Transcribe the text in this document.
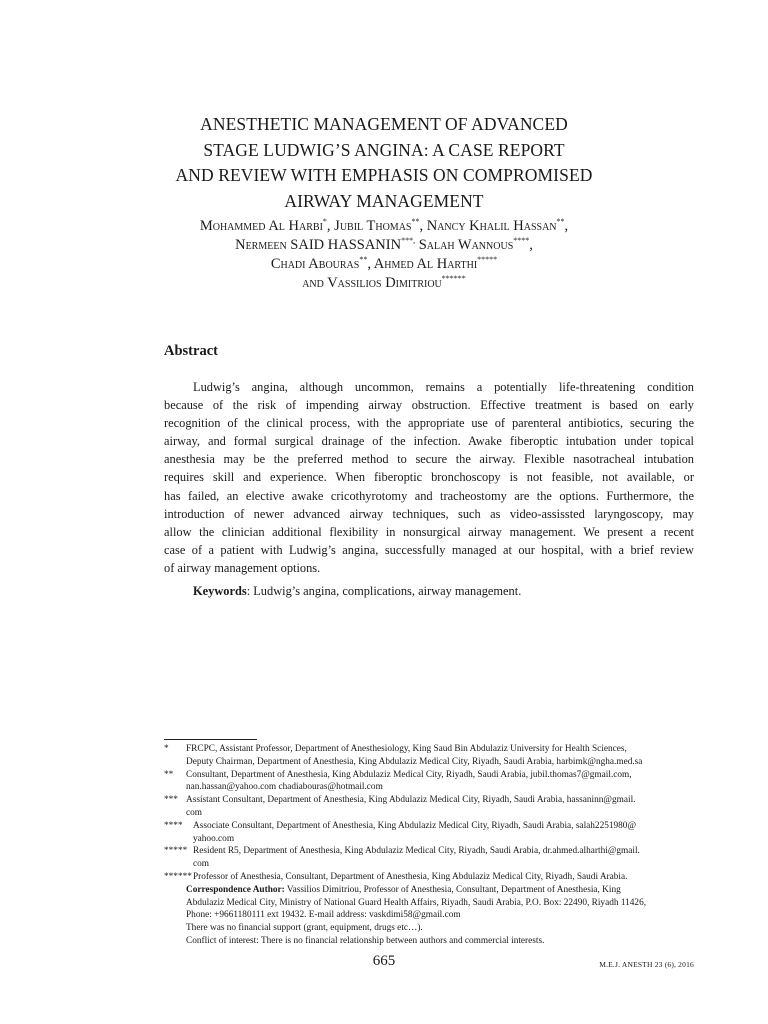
ANESTHETIC MANAGEMENT OF ADVANCED
STAGE LUDWIG’S ANGINA: A CASE REPORT
AND REVIEW WITH EMPHASIS ON COMPROMISED
AIRWAY MANAGEMENT
Mohammed Al Harbi*, Jubil Thomas**, Nancy Khalil Hassan**,
Nermeen SAID HASSANIN***, Salah Wannous****,
Chadi Abouras**, Ahmed Al Harthi*****
and Vassilios Dimitriou******
Abstract
Ludwig’s angina, although uncommon, remains a potentially life-threatening condition
because of the risk of impending airway obstruction. Effective treatment is based on early
recognition of the clinical process, with the appropriate use of parenteral antibiotics, securing the
airway, and formal surgical drainage of the infection. Awake fiberoptic intubation under topical
anesthesia may be the preferred method to secure the airway. Flexible nasotracheal intubation
requires skill and experience. When fiberoptic bronchoscopy is not feasible, not available, or
has failed, an elective awake cricothyrotomy and tracheostomy are the options. Furthermore, the
introduction of newer advanced airway techniques, such as video-assissted laryngoscopy, may
allow the clinician additional flexibility in nonsurgical airway management. We present a recent
case of a patient with Ludwig’s angina, successfully managed at our hospital, with a brief review
of airway management options.
Keywords: Ludwig’s angina, complications, airway management.
* FRCPC, Assistant Professor, Department of Anesthesiology, King Saud Bin Abdulaziz University for Health Sciences,
Deputy Chairman, Department of Anesthesia, King Abdulaziz Medical City, Riyadh, Saudi Arabia, harbimk@ngha.med.sa
** Consultant, Department of Anesthesia, King Abdulaziz Medical City, Riyadh, Saudi Arabia, jubil.thomas7@gmail.com,
nan.hassan@yahoo.com chadiabouras@hotmail.com
*** Assistant Consultant, Department of Anesthesia, King Abdulaziz Medical City, Riyadh, Saudi Arabia, hassaninn@gmail.
com
**** Associate Consultant, Department of Anesthesia, King Abdulaziz Medical City, Riyadh, Saudi Arabia, salah2251980@
yahoo.com
***** Resident R5, Department of Anesthesia, King Abdulaziz Medical City, Riyadh, Saudi Arabia, dr.ahmed.alharthi@gmail.
com
****** Professor of Anesthesia, Consultant, Department of Anesthesia, King Abdulaziz Medical City, Riyadh, Saudi Arabia.
Correspondence Author: Vassilios Dimitriou, Professor of Anesthesia, Consultant, Department of Anesthesia, King
Abdulaziz Medical City, Ministry of National Guard Health Affairs, Riyadh, Saudi Arabia, P.O. Box: 22490, Riyadh 11426,
Phone: +9661180111 ext 19432. E-mail address: vaskdimi58@gmail.com
There was no financial support (grant, equipment, drugs etc…).
Conflict of interest: There is no financial relationship between authors and commercial interests.
665	M.E.J. ANESTH 23 (6), 2016
